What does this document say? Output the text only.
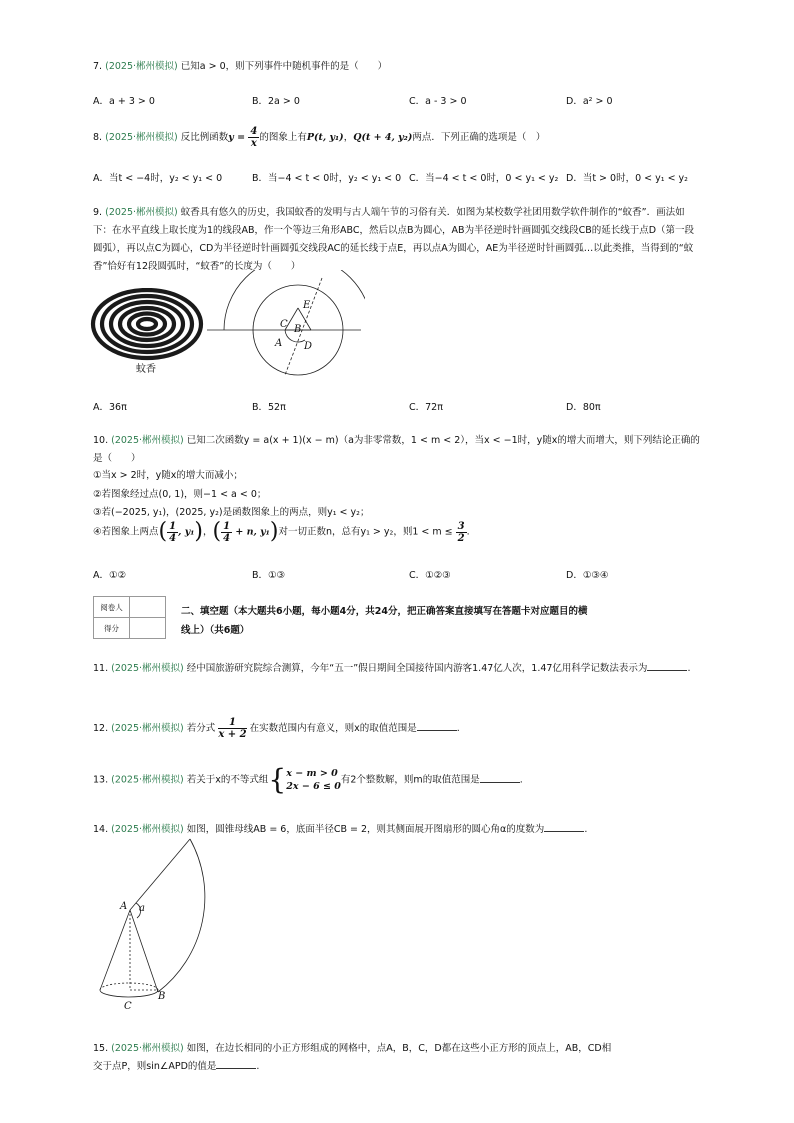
7. (2025·郴州模拟) 已知a > 0，则下列事件中随机事件的是（　　）
A．a + 3 > 0	B．2a > 0	C．a - 3 > 0	D．a² > 0
8. (2025·郴州模拟) 反比例函数$y = \frac{4}{x}$ 的图象上有P(t, y₁)，Q(t + 4, y₂)两点．下列正确的选项是（　）
A．当t < −4时，y₂ < y₁ < 0	B．当−4 < t < 0时，y₂ < y₁ < 0 C．当−4 < t < 0时，0 < y₁ < y₂ D．当t > 0时，0 < y₁ < y₂
9. (2025·郴州模拟) 蚊香具有悠久的历史，我国蚊香的发明与古人端午节的习俗有关．如图为某校数学社团用数学软件制作的“蚊香”．画法如下：在水平直线上取长度为1的线段AB，作一个等边三角形ABC，然后以点B为圆心，AB为半径逆时针画圆弧交线段CB的延长线于点D（第一段圆弧），再以点C为圆心，CD为半径逆时针画圆弧交线段AC的延长线于点E，再以点A为圆心，AE为半径逆时针画圆弧…以此类推，当得到的“蚊香”恰好有12段圆弧时，“蚊香”的长度为（　　）
蚊香
A
B
C
D
E
A．36π	B．52π	C．72π	D．80π
10. (2025·郴州模拟) 已知二次函数y = a(x + 1)(x − m)（a为非零常数，1 < m < 2），当x < −1时，y随x的增大而增大，则下列结论正确的是（　　）
①当x > 2时，y随x的增大而减小；
②若图象经过点(0, 1)，则−1 < a < 0；
③若(−2025, y₁)，(2025, y₂)是函数图象上的两点，则y₁ < y₂；
④若图象上两点( $\frac{1}{4}$ , y₁)，( $\frac{1}{4} + n$, y₁)对一切正数n，总有y₁ > y₂，则$1 < m \le \frac{3}{2}$ .
A．①②	B．①③	C．①②③	D．①③④
阅卷人	
得分	
二、填空题（本大题共6小题，每小题4分，共24分，把正确答案直接填写在答题卡对应题目的横
线上）（共6题）
11. (2025·郴州模拟) 经中国旅游研究院综合测算，今年“五一”假日期间全国接待国内游客1.47亿人次，1.47亿用科学记数法表示为	.
12. (2025·郴州模拟) 若分式 $\frac{1}{x + 2}$ 在实数范围内有意义，则x的取值范围是	.
13. (2025·郴州模拟) 若关于x的不等式组{ x − m > 0
2x − 6 ≤ 0
有2个整数解，则m的取值范围是	.
14. (2025·郴州模拟) 如图，圆锥母线AB = 6，底面半径CB = 2，则其侧面展开图扇形的圆心角α的度数为	.
A a
B
C
15. (2025·郴州模拟) 如图，在边长相同的小正方形组成的网格中，点A，B，C，D都在这些小正方形的顶点上，AB，CD相
交于点P，则sin∠APD的值是	.
